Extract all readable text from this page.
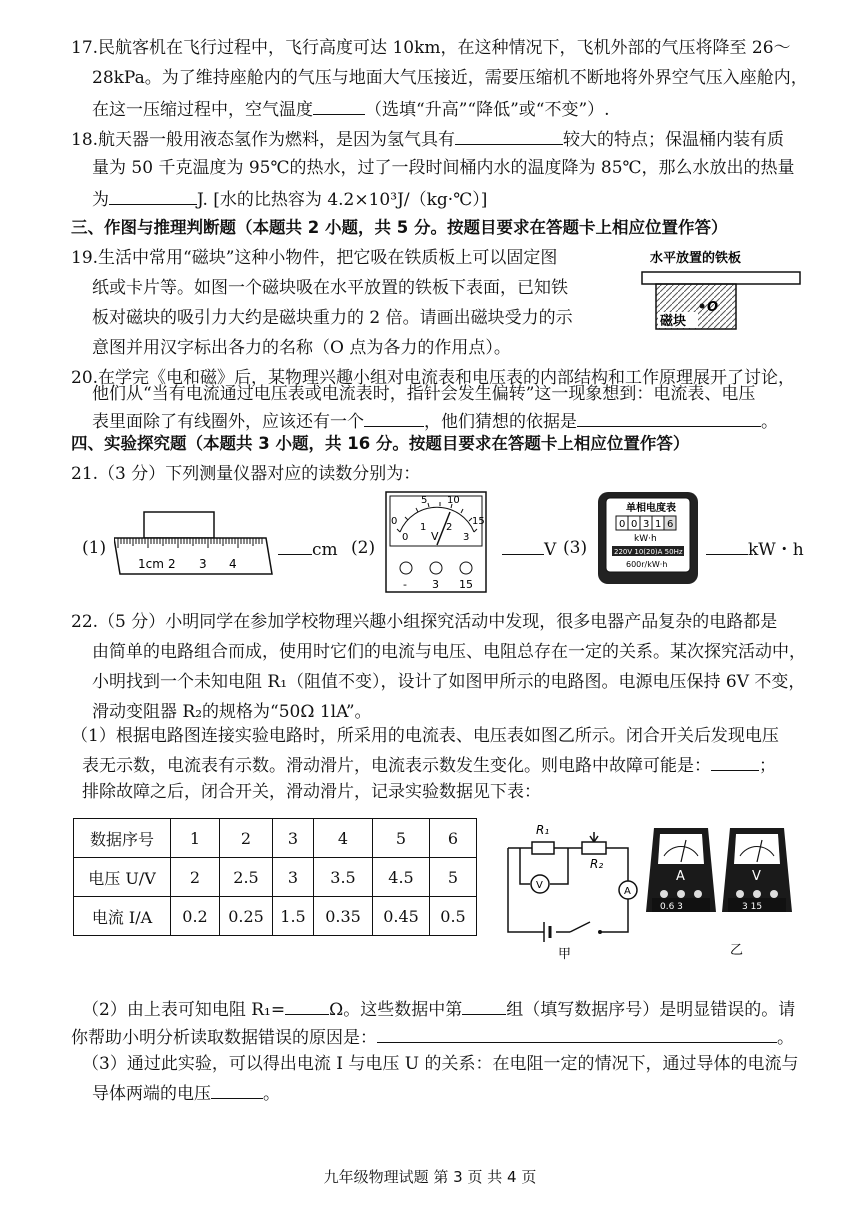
17.民航客机在飞行过程中，飞行高度可达 10km，在这种情况下，飞机外部的气压将降至 26～
28kPa。为了维持座舱内的气压与地面大气压接近，需要压缩机不断地将外界空气压入座舱内，
在这一压缩过程中，空气温度	（选填“升高”“降低”或“不变”）.
18.航天器一般用液态氢作为燃料，是因为氢气具有	较大的特点；保温桶内装有质
量为 50 千克温度为 95℃的热水，过了一段时间桶内水的温度降为 85℃，那么水放出的热量
为	J. [水的比热容为 4.2×10³J/（kg·℃）]
三、作图与推理判断题（本题共 2 小题，共 5 分。按题目要求在答题卡上相应位置作答）
19.生活中常用“磁块”这种小物件，把它吸在铁质板上可以固定图
纸或卡片等。如图一个磁块吸在水平放置的铁板下表面，已知铁
板对磁块的吸引力大约是磁块重力的 2 倍。请画出磁块受力的示
意图并用汉字标出各力的名称（O 点为各力的作用点）。
水平放置的铁板
磁块
O
20.在学完《电和磁》后，某物理兴趣小组对电流表和电压表的内部结构和工作原理展开了讨论，
他们从“当有电流通过电压表或电流表时，指针会发生偏转”这一现象想到：电流表、电压
表里面除了有线圈外，应该还有一个	，他们猜想的依据是	。
四、实验探究题（本题共 3 小题，共 16 分。按题目要求在答题卡上相应位置作答）
21.（3 分）下列测量仪器对应的读数分别为：
(1)
1cm 2 3 4
cm (2)
0
5 10
15
0
1 2
3
V
- 3 15
V (3)
单相电度表
0 0 3 1 6
kW·h
220V 10(20)A 50Hz
600r/kW·h
kW・h
22.（5 分）小明同学在参加学校物理兴趣小组探究活动中发现，很多电器产品复杂的电路都是
由简单的电路组合而成，使用时它们的电流与电压、电阻总存在一定的关系。某次探究活动中，
小明找到一个未知电阻 R₁（阻值不变），设计了如图甲所示的电路图。电源电压保持 6V 不变，
滑动变阻器 R₂的规格为“50Ω 1lA”。
（1）根据电路图连接实验电路时，所采用的电流表、电压表如图乙所示。闭合开关后发现电压
表无示数，电流表有示数。滑动滑片，电流表示数发生变化。则电路中故障可能是：	；
排除故障之后，闭合开关，滑动滑片，记录实验数据见下表：
数据序号	1	2	3	4	5	6
电压 U/V	2	2.5	3	3.5	4.5	5
电流 I/A	0.2	0.25	1.5	0.35	0.45	0.5
R₁
R₂
V
A
甲
A
0.6 3
V
3 15
乙
（2）由上表可知电阻 R₁=	Ω。这些数据中第	组（填写数据序号）是明显错误的。请
你帮助小明分析读取数据错误的原因是：	。
（3）通过此实验，可以得出电流 I 与电压 U 的关系：在电阻一定的情况下，通过导体的电流与
导体两端的电压	。
九年级物理试题 第 3 页 共 4 页
